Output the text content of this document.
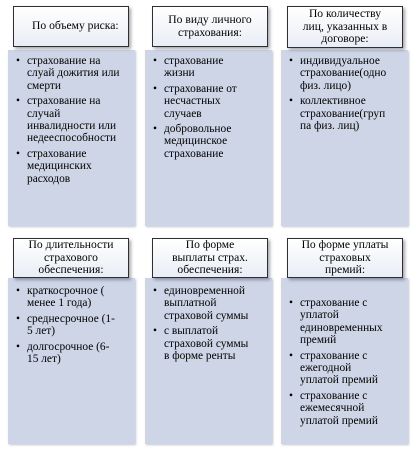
По объему риска:
• страхование на
слуай дожития или
смерти
• страхование на
случай
инвалидности или
недееспособности
• страхование
медицинских
расходов
По виду личного
страхования:
• страхование
жизни
• страхование от
несчастных
случаев
• добровольное
медицинское
страхование
По количеству
лиц, указанных в
договоре:
• индивидуальное
страхование(одно
физ. лицо)
• коллективное
страхование(груп
па физ. лиц)
По длительности
страхового
обеспечения:
• краткосрочное (
менее 1 года)
• среднесрочное (1-
5 лет)
• долгосрочное (6-
15 лет)
По форме
выплаты страх.
обеспечения:
• единовременной
выплатной
страховой суммы
• с выплатой
страховой суммы
в форме ренты
По форме уплаты
страховых
премий:
• страхование с
уплатой
единовременных
премий
• страхование с
ежегодной
уплатой премий
• страхование с
ежемесячной
уплатой премий
